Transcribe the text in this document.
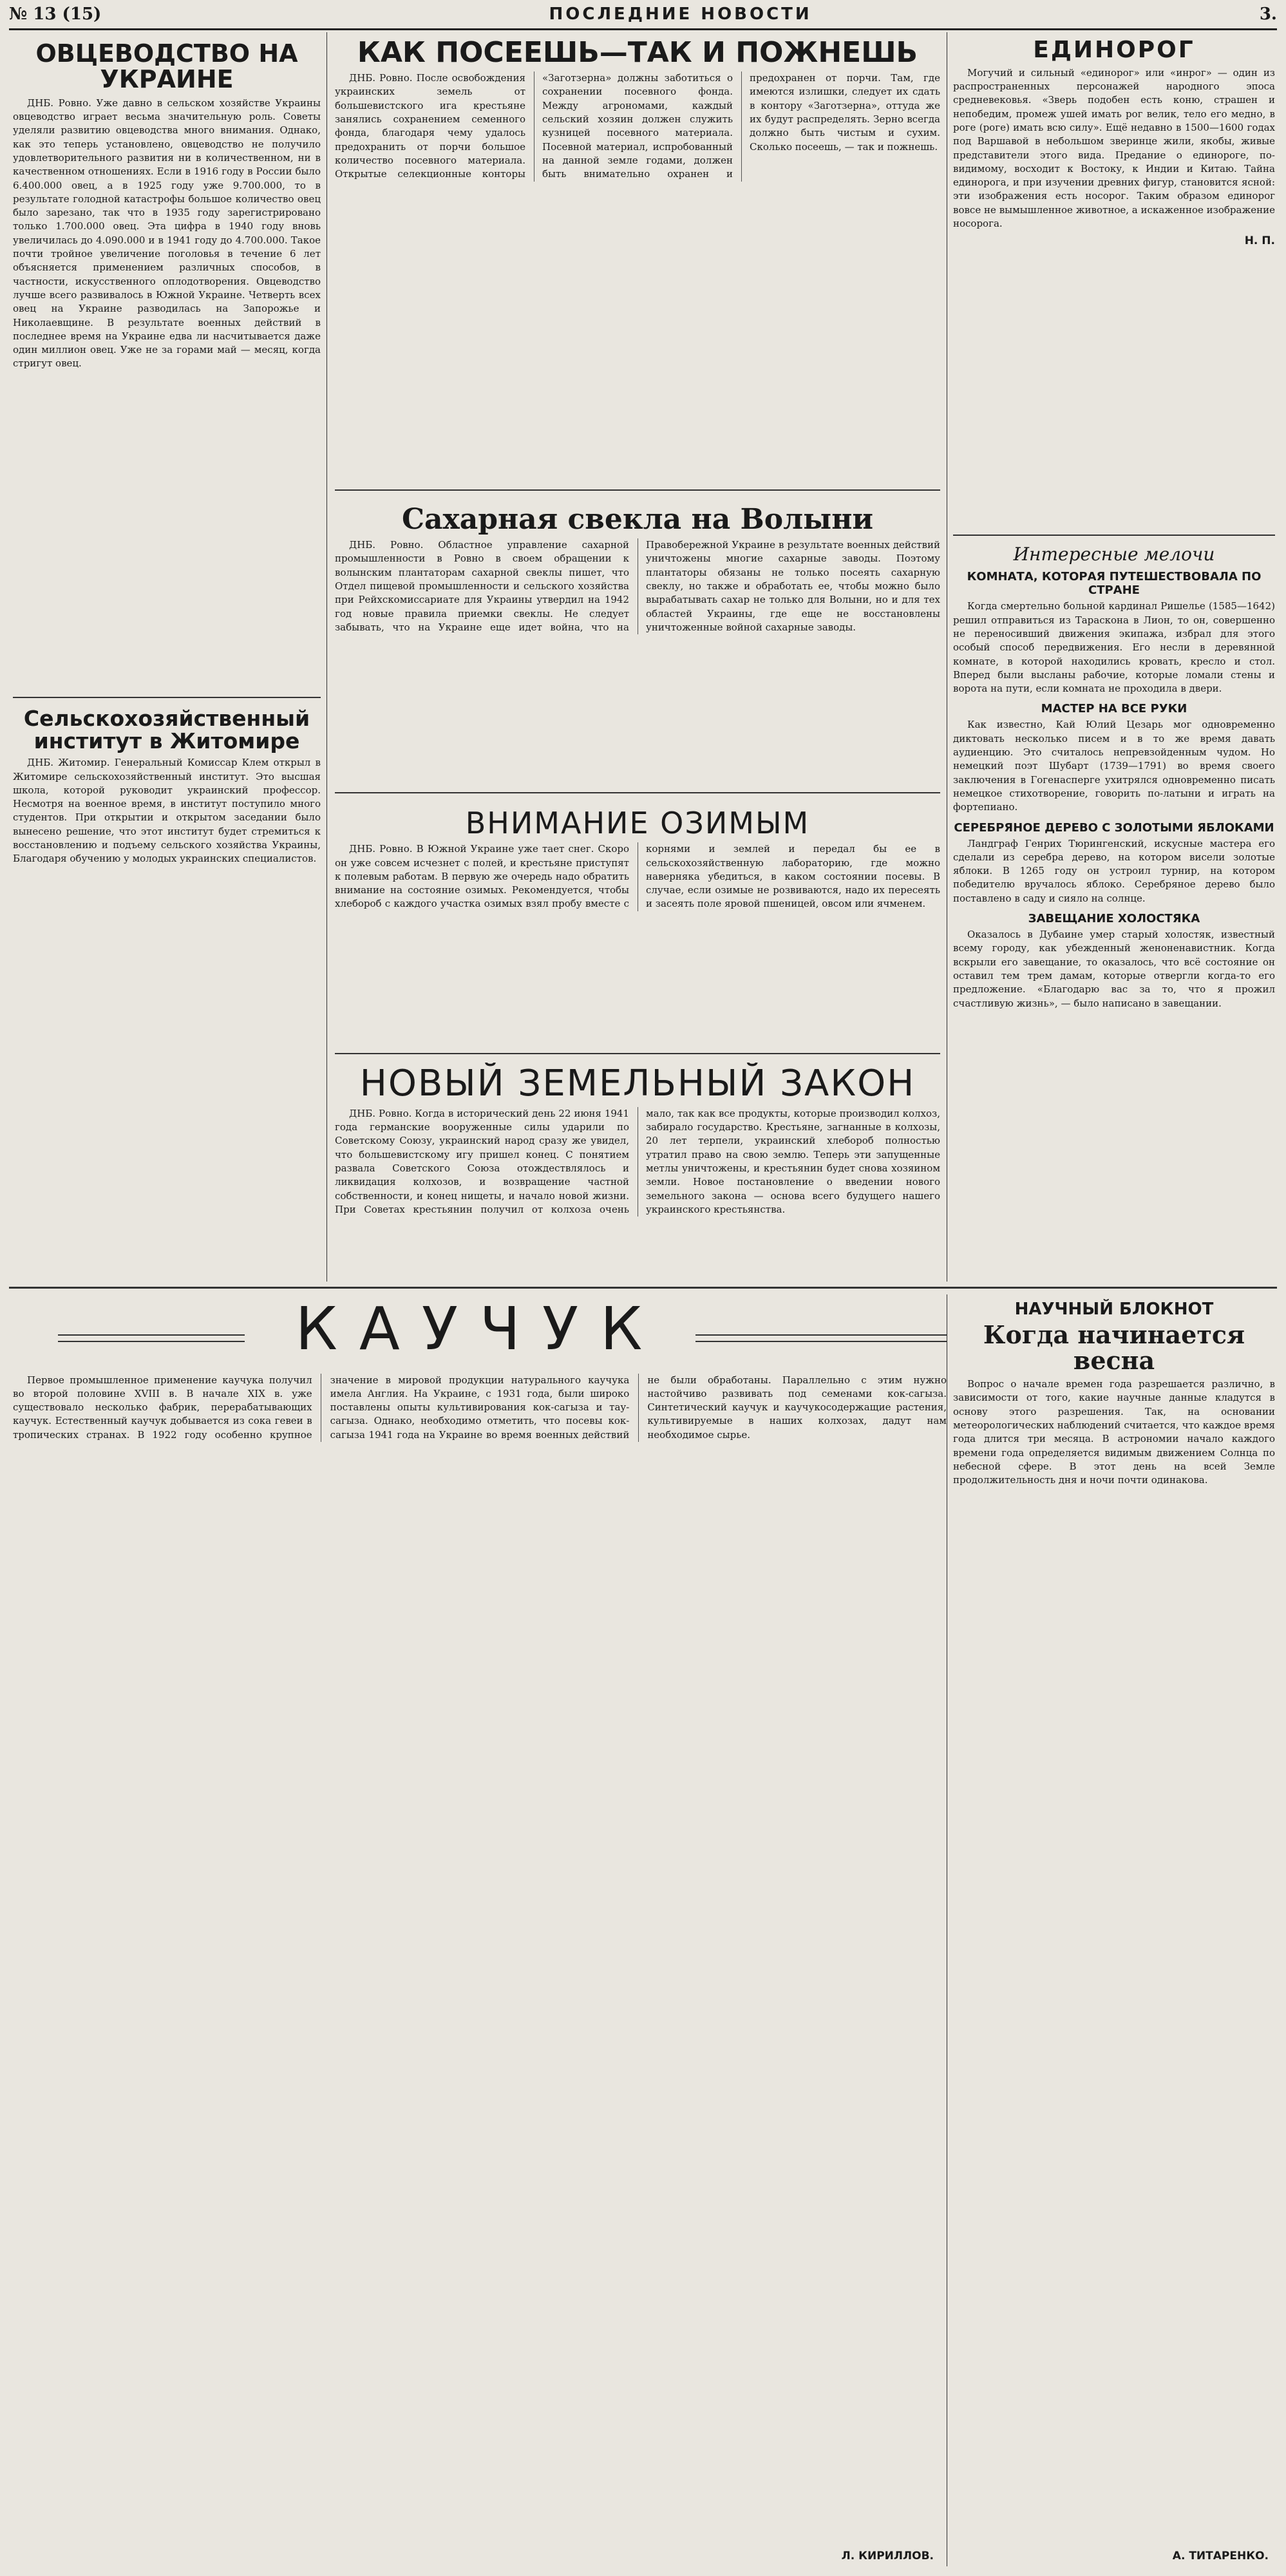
№ 13 (15)	ПОСЛЕДНИЕ НОВОСТИ	3.
ОВЦЕВОДСТВО НА УКРАИНЕ

ДНБ. Ровно. Уже давно в сельском хозяйстве Украины овцеводство играет весьма значительную роль. Советы уделяли развитию овцеводства много внимания. Однако, как это теперь установлено, овцеводство не получило удовлетворительного развития ни в количественном, ни в качественном отношениях. Если в 1916 году в России было 6.400.000 овец, а в 1925 году уже 9.700.000, то в результате голодной катастрофы большое количество овец было зарезано, так что в 1935 году зарегистрировано только 1.700.000 овец. Эта цифра в 1940 году вновь увеличилась до 4.090.000 и в 1941 году до 4.700.000. Такое почти тройное увеличение поголовья в течение 6 лет объясняется применением различных способов, в частности, искусственного оплодотворения. Овцеводство лучше всего развивалось в Южной Украине. Четверть всех овец на Украине разводилась на Запорожье и Николаевщине. В результате военных действий в последнее время на Украине едва ли насчитывается даже один миллион овец. Уже не за горами май — месяц, когда стригут овец.

Сельскохозяйственный институт в Житомире

ДНБ. Житомир. Генеральный Комиссар Клем открыл в Житомире сельскохозяйственный институт. Это высшая школа, которой руководит украинский профессор. Несмотря на военное время, в институт поступило много студентов. При открытии и открытом заседании было вынесено решение, что этот институт будет стремиться к восстановлению и подъему сельского хозяйства Украины, Благодаря обучению у молодых украинских специалистов.

КАК ПОСЕЕШЬ—ТАК И ПОЖНЕШЬ

ДНБ. Ровно. После освобождения украинских земель от большевистского ига крестьяне занялись сохранением семенного фонда, благодаря чему удалось предохранить от порчи большое количество посевного материала. Открытые селекционные конторы «Заготзерна» должны заботиться о сохранении посевного фонда. Между агрономами, каждый сельский хозяин должен служить кузницей посевного материала. Посевной материал, испробованный на данной земле годами, должен быть внимательно охранен и предохранен от порчи. Там, где имеются излишки, следует их сдать в контору «Заготзерна», оттуда же их будут распределять. Зерно всегда должно быть чистым и сухим. Сколько посеешь, — так и пожнешь.

Сахарная свекла на Волыни

ДНБ. Ровно. Областное управление сахарной промышленности в Ровно в своем обращении к волынским плантаторам сахарной свеклы пишет, что Отдел пищевой промышленности и сельского хозяйства при Рейхскомиссариате для Украины утвердил на 1942 год новые правила приемки свеклы. Не следует забывать, что на Украине еще идет война, что на Правобережной Украине в результате военных действий уничтожены многие сахарные заводы. Поэтому плантаторы обязаны не только посеять сахарную свеклу, но также и обработать ее, чтобы можно было вырабатывать сахар не только для Волыни, но и для тех областей Украины, где еще не восстановлены уничтоженные войной сахарные заводы.

ВНИМАНИЕ ОЗИМЫМ

ДНБ. Ровно. В Южной Украине уже тает снег. Скоро он уже совсем исчезнет с полей, и крестьяне приступят к полевым работам. В первую же очередь надо обратить внимание на состояние озимых. Рекомендуется, чтобы хлебороб с каждого участка озимых взял пробу вместе с корнями и землей и передал бы ее в сельскохозяйственную лабораторию, где можно наверняка убедиться, в каком состоянии посевы. В случае, если озимые не розвиваются, надо их пересеять и засеять поле яровой пшеницей, овсом или ячменем.

НОВЫЙ ЗЕМЕЛЬНЫЙ ЗАКОН

ДНБ. Ровно. Когда в исторический день 22 июня 1941 года германские вооруженные силы ударили по Советскому Союзу, украинский народ сразу же увидел, что большевистскому игу пришел конец. С понятием развала Советского Союза отождествлялось и ликвидация колхозов, и возвращение частной собственности, и конец нищеты, и начало новой жизни. При Советах крестьянин получил от колхоза очень мало, так как все продукты, которые производил колхоз, забирало государство. Крестьяне, загнанные в колхозы, 20 лет терпели, украинский хлебороб полностью утратил право на свою землю. Теперь эти запущенные метлы уничтожены, и крестьянин будет снова хозяином земли. Новое постановление о введении нового земельного закона — основа всего будущего нашего украинского крестьянства.

ЕДИНОРОГ

Могучий и сильный «единорог» или «инрог» — один из распространенных персонажей народного эпоса средневековья. «Зверь подобен есть коню, страшен и непобедим, промеж ушей имать рог велик, тело его медно, в роге (роге) имать всю силу». Ещё недавно в 1500—1600 годах под Варшавой в небольшом зверинце жили, якобы, живые представители этого вида. Предание о единороге, по-видимому, восходит к Востоку, к Индии и Китаю. Тайна единорога, и при изучении древних фигур, становится ясной: эти изображения есть носорог. Таким образом единорог вовсе не вымышленное животное, а искаженное изображение носорога.

Н. П.
Интересные мелочи
КОМНАТА, КОТОРАЯ ПУТЕШЕСТВОВАЛА ПО СТРАНЕ

Когда смертельно больной кардинал Ришелье (1585—1642) решил отправиться из Тараскона в Лион, то он, совершенно не переносивший движения экипажа, избрал для этого особый способ передвижения. Его несли в деревянной комнате, в которой находились кровать, кресло и стол. Вперед были высланы рабочие, которые ломали стены и ворота на пути, если комната не проходила в двери.

МАСТЕР НА ВСЕ РУКИ

Как известно, Кай Юлий Цезарь мог одновременно диктовать несколько писем и в то же время давать аудиенцию. Это считалось непревзойденным чудом. Но немецкий поэт Шубарт (1739—1791) во время своего заключения в Гогенасперге ухитрялся одновременно писать немецкое стихотворение, говорить по-латыни и играть на фортепиано.

СЕРЕБРЯНОЕ ДЕРЕВО С ЗОЛОТЫМИ ЯБЛОКАМИ

Ландграф Генрих Тюрингенский, искусные мастера его сделали из серебра дерево, на котором висели золотые яблоки. В 1265 году он устроил турнир, на котором победителю вручалось яблоко. Серебряное дерево было поставлено в саду и сияло на солнце.

ЗАВЕЩАНИЕ ХОЛОСТЯКА

Оказалось в Дубаине умер старый холостяк, известный всему городу, как убежденный женоненавистник. Когда вскрыли его завещание, то оказалось, что всё состояние он оставил тем трем дамам, которые отвергли когда-то его предложение. «Благодарю вас за то, что я прожил счастливую жизнь», — было написано в завещании.

КАУЧУК

Первое промышленное применение каучука получил во второй половине XVIII в. В начале XIX в. уже существовало несколько фабрик, перерабатывающих каучук. Естественный каучук добывается из сока гевеи в тропических странах. В 1922 году особенно крупное значение в мировой продукции натурального каучука имела Англия. На Украине, с 1931 года, были широко поставлены опыты культивирования кок-сагыза и тау-сагыза. Однако, необходимо отметить, что посевы кок-сагыза 1941 года на Украине во время военных действий не были обработаны. Параллельно с этим нужно настойчиво развивать под семенами кок-сагыза. Синтетический каучук и каучукосодержащие растения, культивируемые в наших колхозах, дадут нам необходимое сырье.

Л. КИРИЛЛОВ.
НАУЧНЫЙ БЛОКНОТ
Когда начинается весна

Вопрос о начале времен года разрешается различно, в зависимости от того, какие научные данные кладутся в основу этого разрешения. Так, на основании метеорологических наблюдений считается, что каждое время года длится три месяца. В астрономии начало каждого времени года определяется видимым движением Солнца по небесной сфере. В этот день на всей Земле продолжительность дня и ночи почти одинакова.

А. ТИТАРЕНКО.
